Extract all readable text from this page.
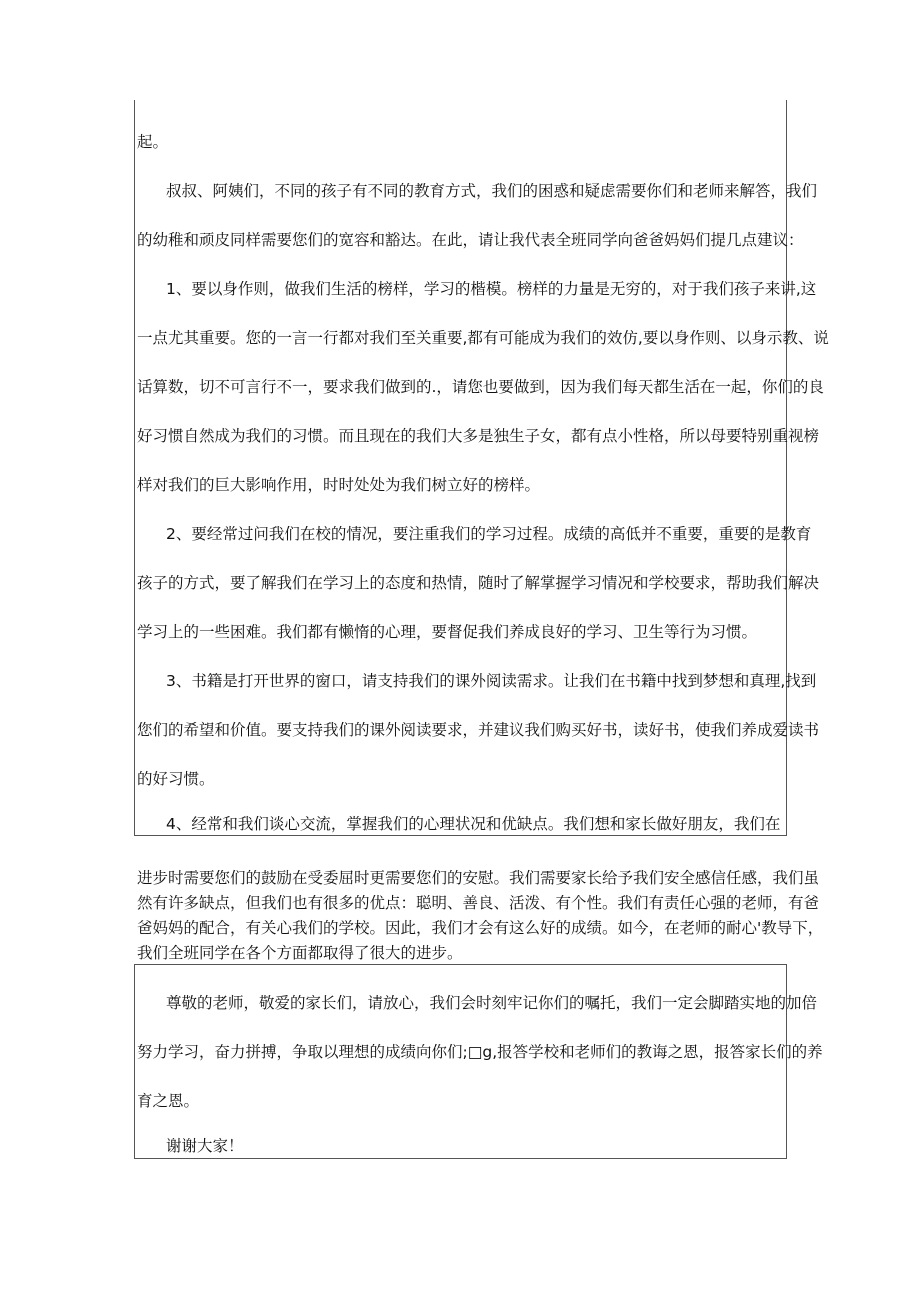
起。
叔叔、阿姨们，不同的孩子有不同的教育方式，我们的困惑和疑虑需要你们和老师来解答，我们
的幼稚和顽皮同样需要您们的宽容和豁达。在此，请让我代表全班同学向爸爸妈妈们提几点建议：
1、要以身作则，做我们生活的榜样，学习的楷模。榜样的力量是无穷的，对于我们孩子来讲,这
一点尤其重要。您的一言一行都对我们至关重要,都有可能成为我们的效仿,要以身作则、以身示教、说
话算数，切不可言行不一，要求我们做到的.，请您也要做到，因为我们每天都生活在一起，你们的良
好习惯自然成为我们的习惯。而且现在的我们大多是独生子女，都有点小性格，所以母要特别重视榜
样对我们的巨大影响作用，时时处处为我们树立好的榜样。
2、要经常过问我们在校的情况，要注重我们的学习过程。成绩的高低并不重要，重要的是教育
孩子的方式，要了解我们在学习上的态度和热情，随时了解掌握学习情况和学校要求，帮助我们解决
学习上的一些困难。我们都有懒惰的心理，要督促我们养成良好的学习、卫生等行为习惯。
3、书籍是打开世界的窗口，请支持我们的课外阅读需求。让我们在书籍中找到梦想和真理,找到
您们的希望和价值。要支持我们的课外阅读要求，并建议我们购买好书，读好书，使我们养成爱读书
的好习惯。
4、经常和我们谈心交流，掌握我们的心理状况和优缺点。我们想和家长做好朋友，我们在
进步时需要您们的鼓励在受委屈时更需要您们的安慰。我们需要家长给予我们安全感信任感，我们虽
然有许多缺点，但我们也有很多的优点：聪明、善良、活泼、有个性。我们有责任心强的老师，有爸
爸妈妈的配合，有关心我们的学校。因此，我们才会有这么好的成绩。如今，在老师的耐心'教导下，
我们全班同学在各个方面都取得了很大的进步。
尊敬的老师，敬爱的家长们，请放心，我们会时刻牢记你们的嘱托，我们一定会脚踏实地的加倍
努力学习，奋力拼搏，争取以理想的成绩向你们;□g,报答学校和老师们的教诲之恩，报答家长们的养
育之恩。
谢谢大家！
